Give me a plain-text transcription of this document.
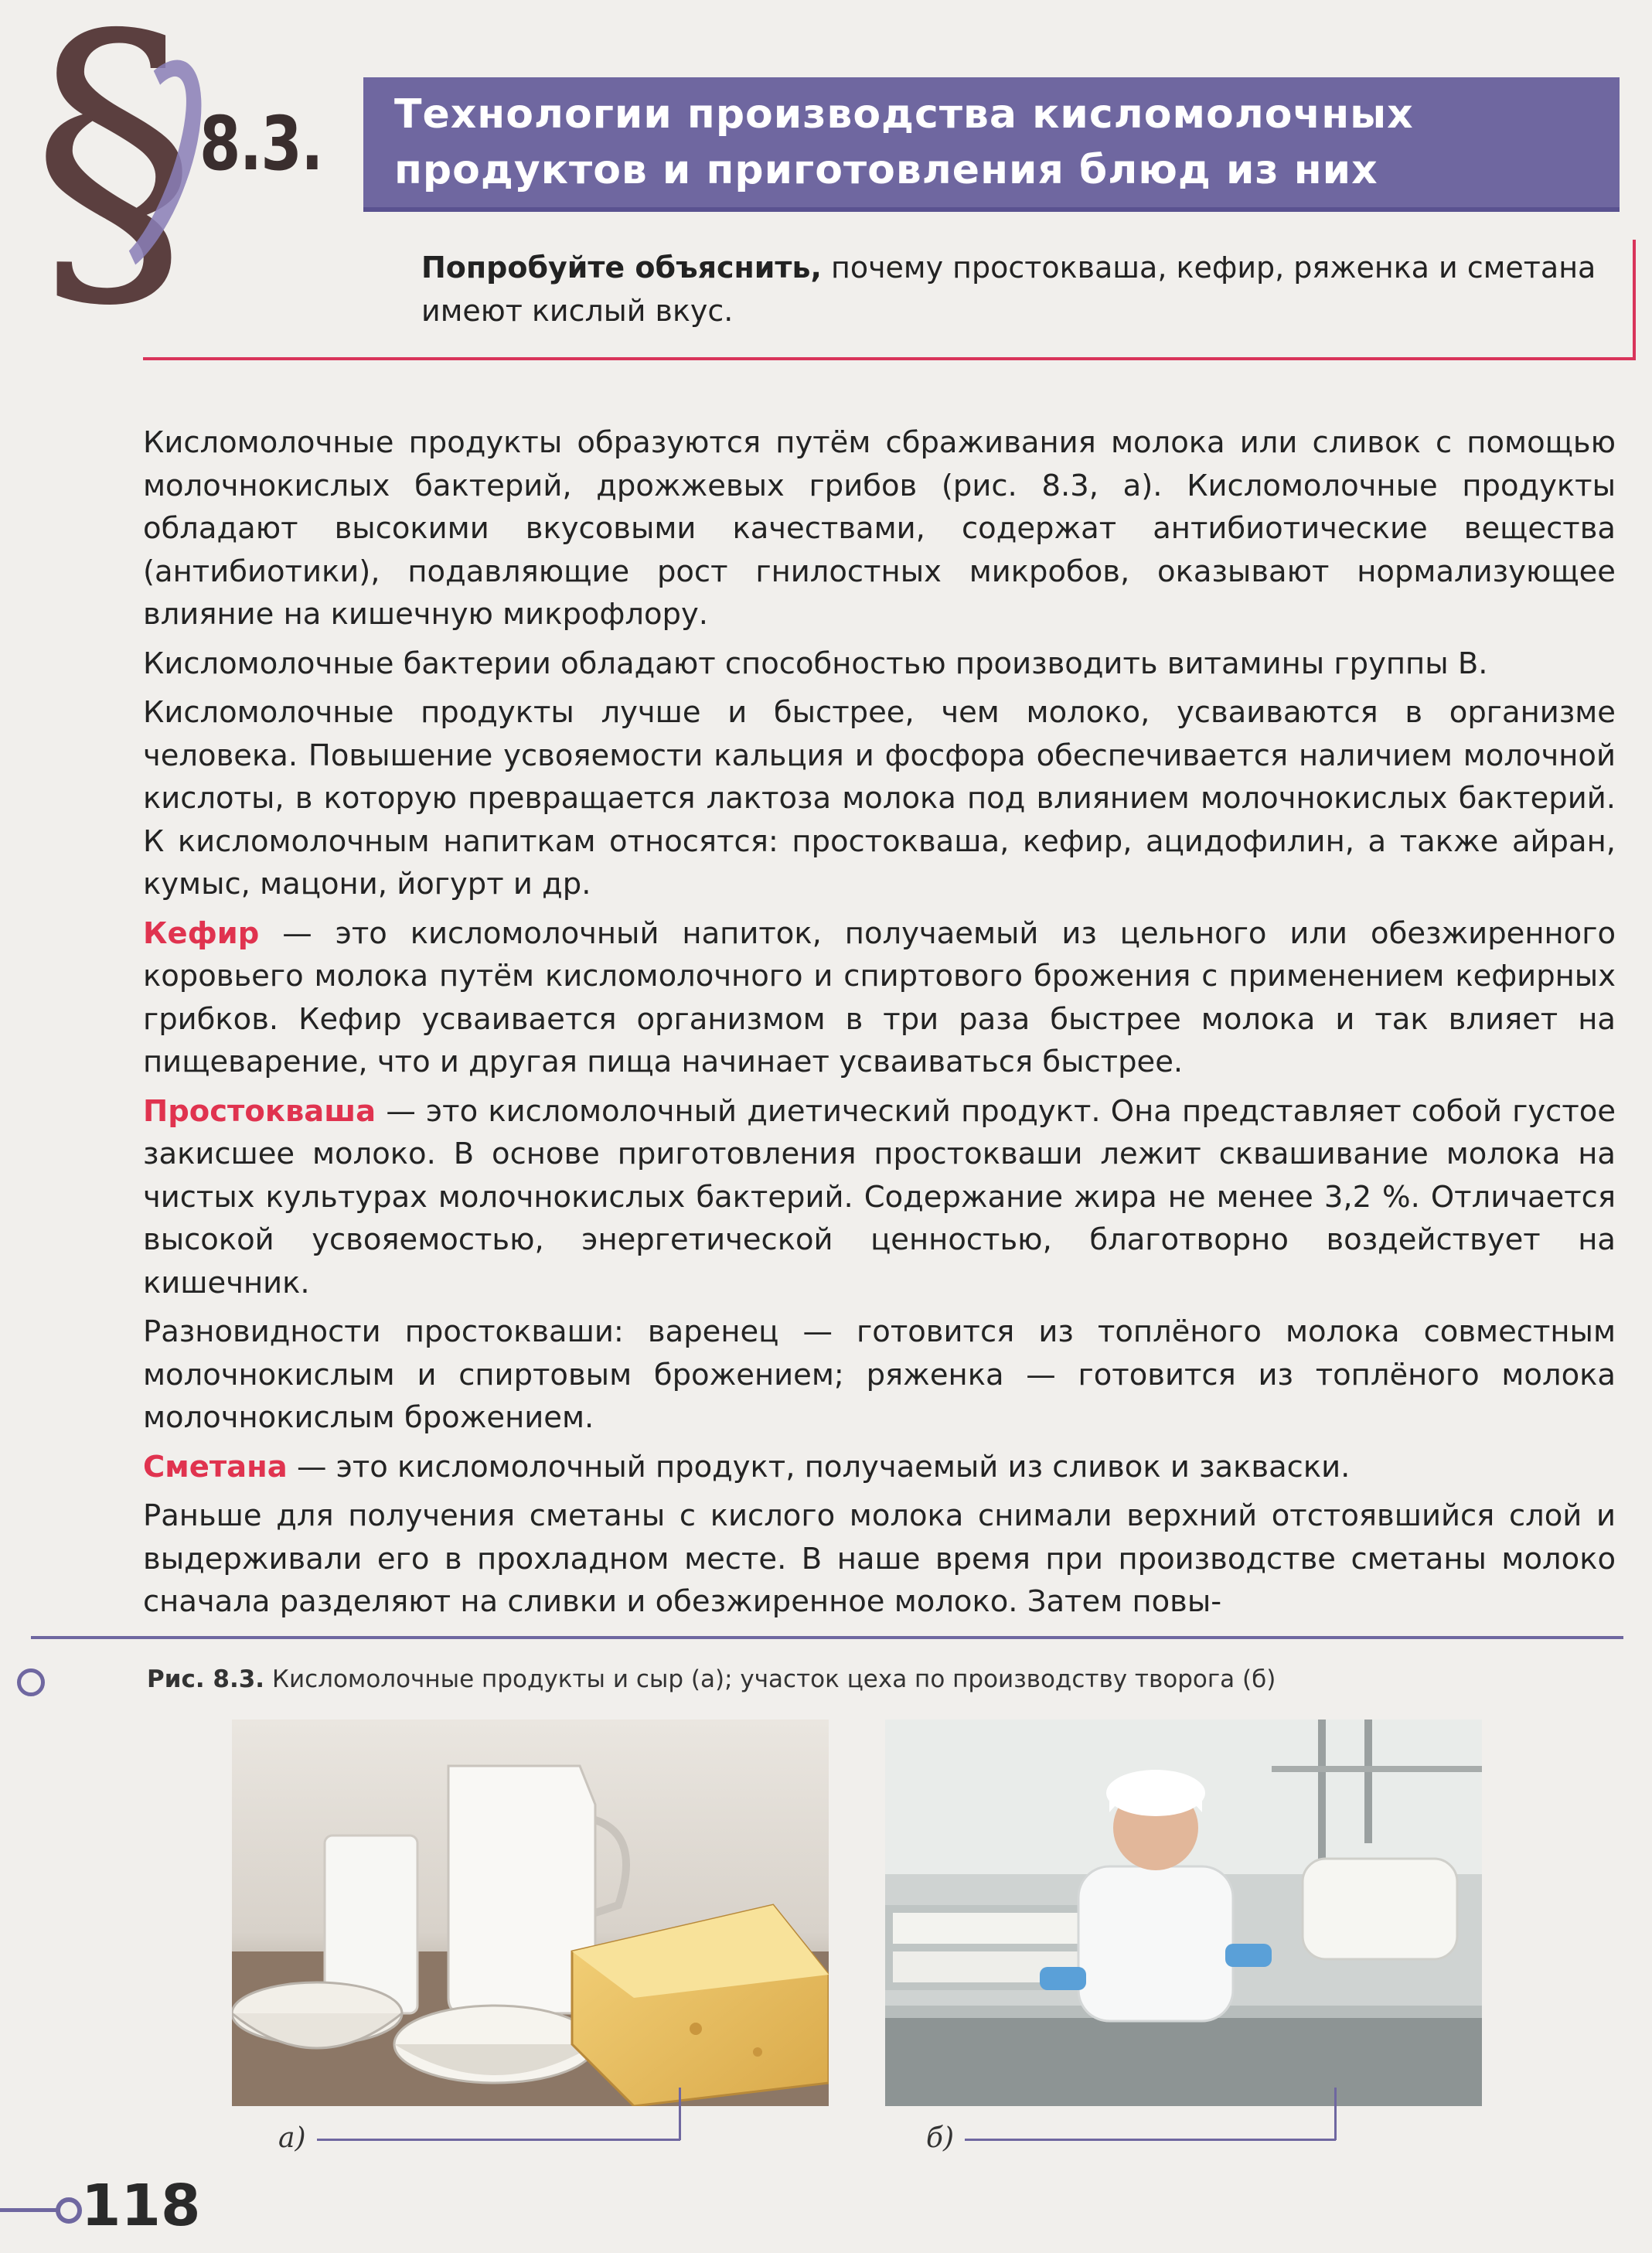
§ 8.3. Технологии производства кисломолочных
продуктов и приготовления блюд из них
Попробуйте объяснить, почему простокваша, кефир, ряженка и сметана имеют кислый вкус.

Кисломолочные продукты образуются путём сбраживания молока или сливок с помощью молочнокислых бактерий, дрожжевых грибов (рис. 8.3, а). Кисломолочные продукты обладают высокими вкусовыми качествами, содержат антибиотические вещества (антибиотики), подавляющие рост гнилостных микробов, оказывают нормализующее влияние на кишечную микрофлору.

Кисломолочные бактерии обладают способностью производить витамины группы В.

Кисломолочные продукты лучше и быстрее, чем молоко, усваиваются в организме человека. Повышение усвояемости кальция и фосфора обеспечивается наличием молочной кислоты, в которую превращается лактоза молока под влиянием молочнокислых бактерий. К кисломолочным напиткам относятся: простокваша, кефир, ацидофилин, а также айран, кумыс, мацони, йогурт и др.

Кефир — это кисломолочный напиток, получаемый из цельного или обезжиренного коровьего молока путём кисломолочного и спиртового брожения с применением кефирных грибков. Кефир усваивается организмом в три раза быстрее молока и так влияет на пищеварение, что и другая пища начинает усваиваться быстрее.

Простокваша — это кисломолочный диетический продукт. Она представляет собой густое закисшее молоко. В основе приготовления простокваши лежит сквашивание молока на чистых культурах молочнокислых бактерий. Содержание жира не менее 3,2 %. Отличается высокой усвояемостью, энергетической ценностью, благотворно воздействует на кишечник.

Разновидности простокваши: варенец — готовится из топлёного молока совместным молочнокислым и спиртовым брожением; ряженка — готовится из топлёного молока молочнокислым брожением.

Сметана — это кисломолочный продукт, получаемый из сливок и закваски.

Раньше для получения сметаны с кислого молока снимали верхний отстоявшийся слой и выдерживали его в прохладном месте. В наше время при производстве сметаны молоко сначала разделяют на сливки и обезжиренное молоко. Затем повы-

Рис. 8.3. Кисломолочные продукты и сыр (а); участок цеха по производству творога (б)
а)	б)
118
